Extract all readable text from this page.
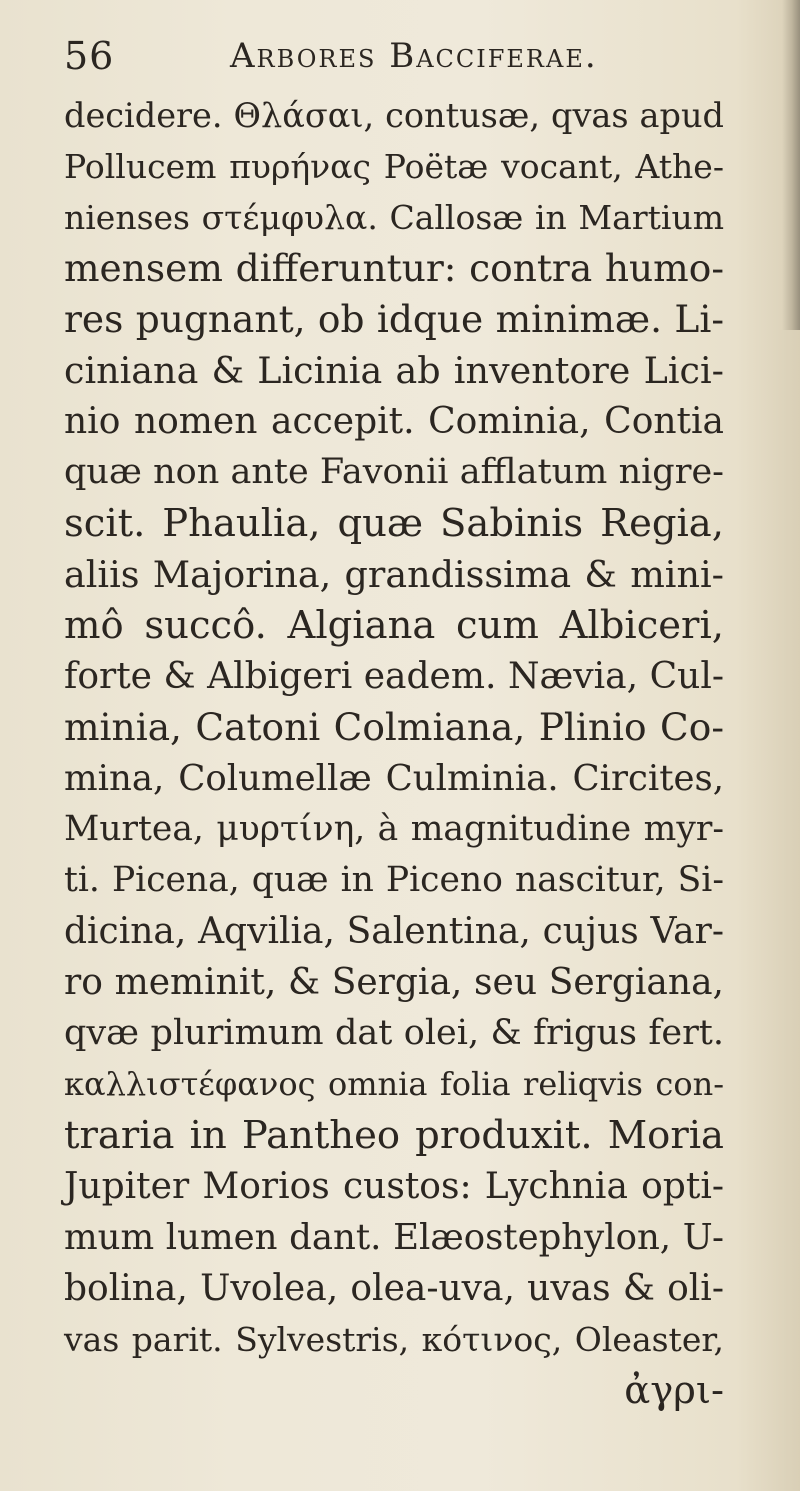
56	Arbores Bacciferae.
decidere. Θλάσαι, contusæ, qvas apud
Pollucem πυρήνας Poëtæ vocant, Athe-
nienses στέμφυλα. Callosæ in Martium
mensem differuntur: contra humo-
res pugnant, ob idque minimæ. Li-
ciniana & Licinia ab inventore Lici-
nio nomen accepit. Cominia, Contia
quæ non ante Favonii afflatum nigre-
scit. Phaulia, quæ Sabinis Regia,
aliis Majorina, grandissima & mini-
mô succô. Algiana cum Albiceri,
forte & Albigeri eadem. Nævia, Cul-
minia, Catoni Colmiana, Plinio Co-
mina, Columellæ Culminia. Circites,
Murtea, μυρτίνη, à magnitudine myr-
ti. Picena, quæ in Piceno nascitur, Si-
dicina, Aqvilia, Salentina, cujus Var-
ro meminit, & Sergia, seu Sergiana,
qvæ plurimum dat olei, & frigus fert.
καλλιστέφανος omnia folia reliqvis con-
traria in Pantheo produxit. Moria
Jupiter Morios custos: Lychnia opti-
mum lumen dant. Elæostephylon, U-
bolina, Uvolea, olea-uva, uvas & oli-
vas parit. Sylvestris, κότινος, Oleaster,
ἀγρι-
